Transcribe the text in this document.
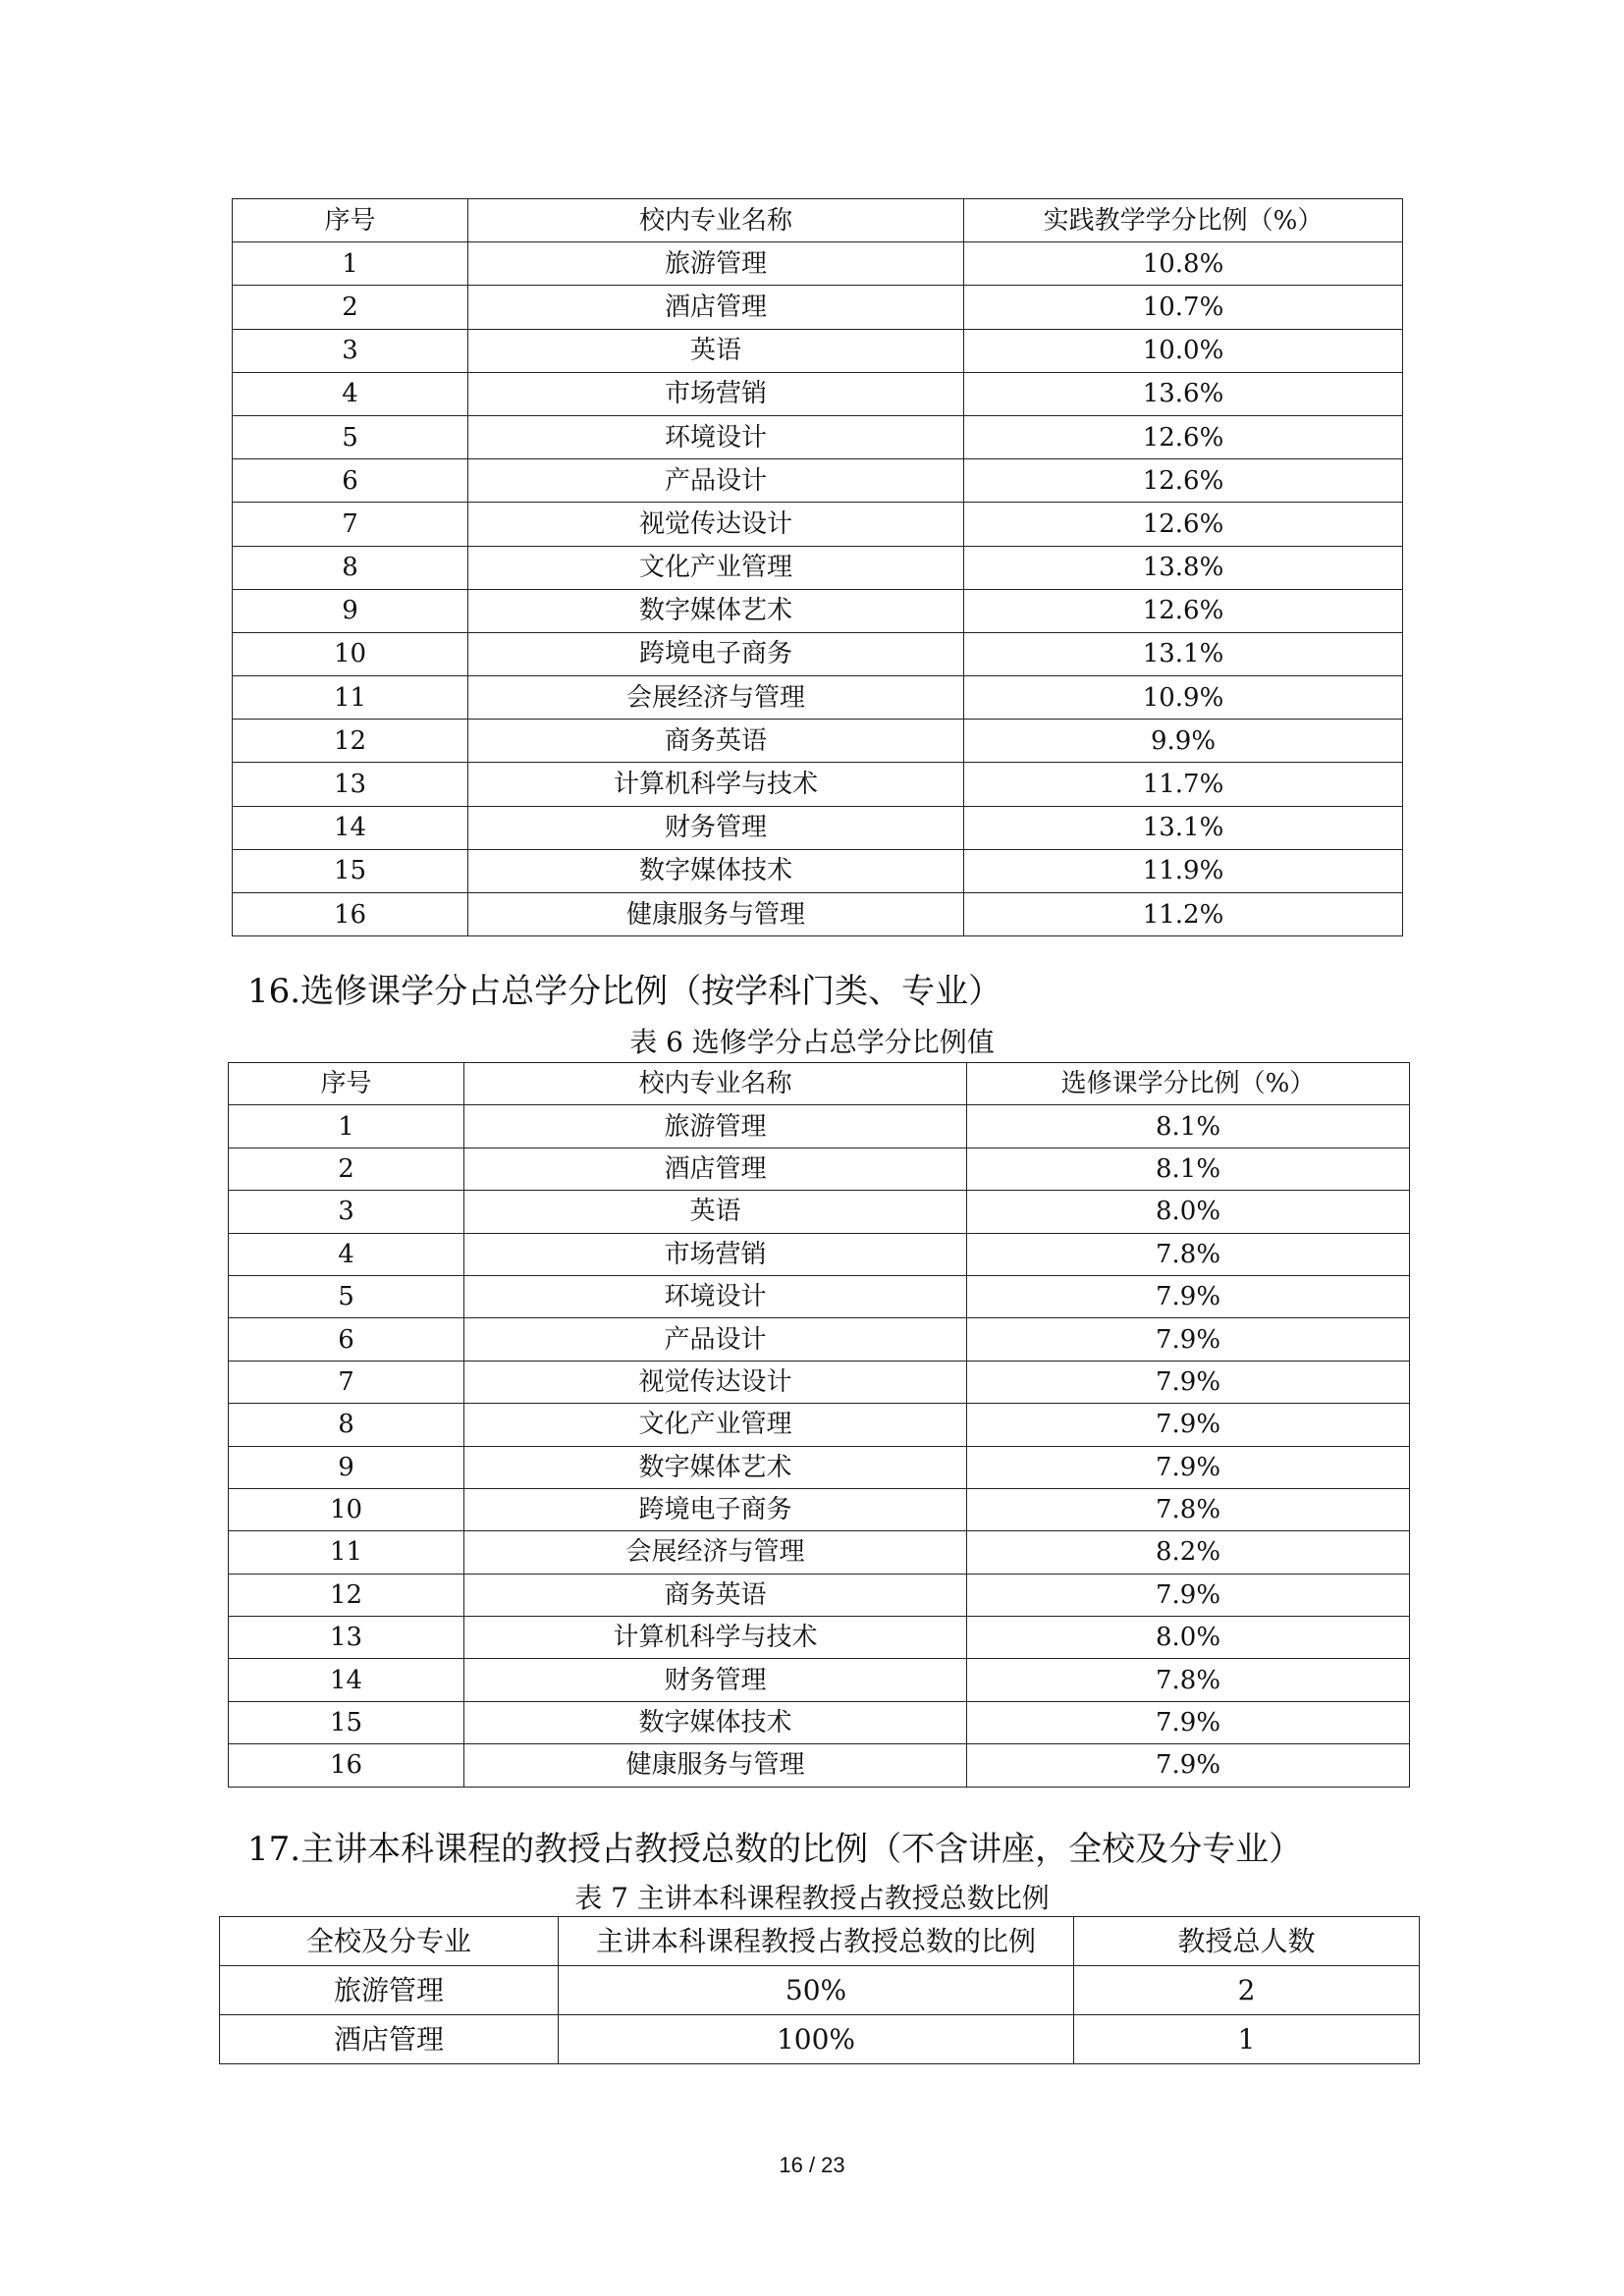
序号	校内专业名称	实践教学学分比例（%）
1	旅游管理	10.8%
2	酒店管理	10.7%
3	英语	10.0%
4	市场营销	13.6%
5	环境设计	12.6%
6	产品设计	12.6%
7	视觉传达设计	12.6%
8	文化产业管理	13.8%
9	数字媒体艺术	12.6%
10	跨境电子商务	13.1%
11	会展经济与管理	10.9%
12	商务英语	9.9%
13	计算机科学与技术	11.7%
14	财务管理	13.1%
15	数字媒体技术	11.9%
16	健康服务与管理	11.2%
16.选修课学分占总学分比例（按学科门类、专业）
表 6 选修学分占总学分比例值
序号	校内专业名称	选修课学分比例（%）
1	旅游管理	8.1%
2	酒店管理	8.1%
3	英语	8.0%
4	市场营销	7.8%
5	环境设计	7.9%
6	产品设计	7.9%
7	视觉传达设计	7.9%
8	文化产业管理	7.9%
9	数字媒体艺术	7.9%
10	跨境电子商务	7.8%
11	会展经济与管理	8.2%
12	商务英语	7.9%
13	计算机科学与技术	8.0%
14	财务管理	7.8%
15	数字媒体技术	7.9%
16	健康服务与管理	7.9%
17.主讲本科课程的教授占教授总数的比例（不含讲座，全校及分专业）
表 7 主讲本科课程教授占教授总数比例
全校及分专业	主讲本科课程教授占教授总数的比例	教授总人数
旅游管理	50%	2
酒店管理	100%	1
16 / 23
